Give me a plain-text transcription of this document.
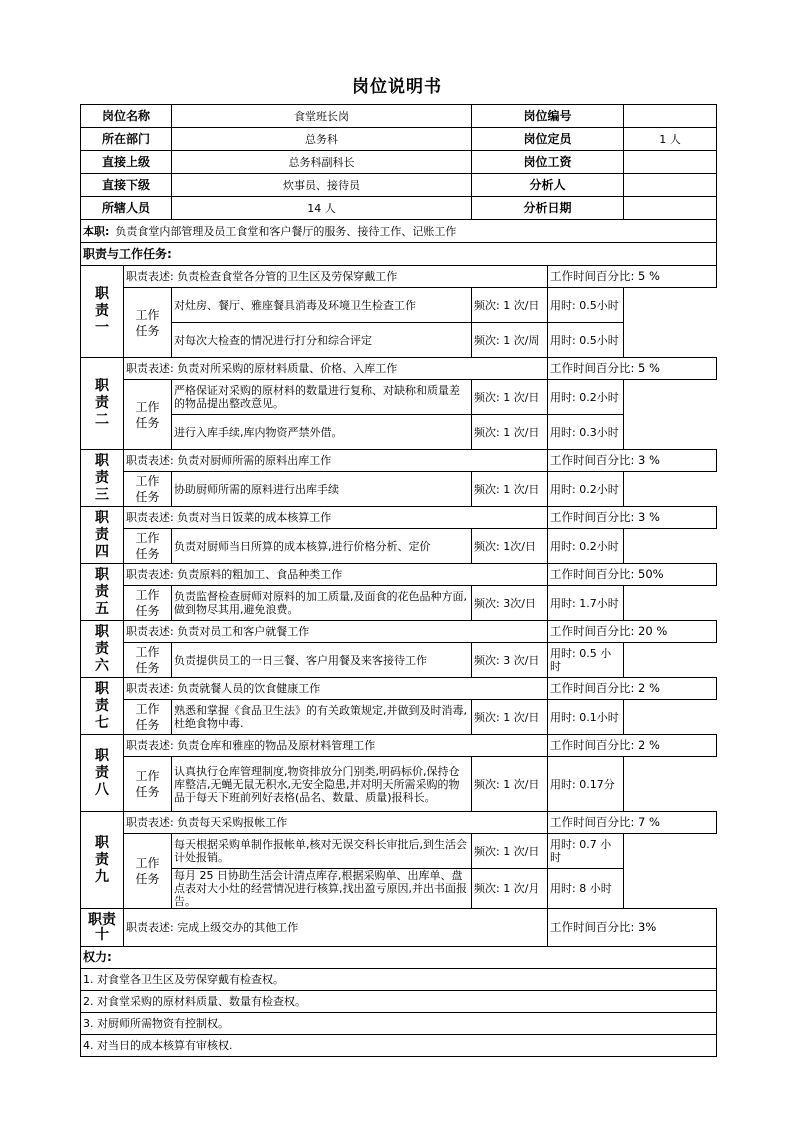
岗位说明书
岗位名称		食堂班长岗	岗位编号		
所在部门		总务科	岗位定员		1 人
直接上级		总务科副科长	岗位工资		
直接下级		炊事员、接待员	分析人		
所辖人员		14 人	分析日期		
本职: 负责食堂内部管理及员工食堂和客户餐厅的服务、接待工作、记账工作					
职责与工作任务:					
职责一	职责表述: 负责检查食堂各分管的卫生区及劳保穿戴工作			工作时间百分比: 5 %	
	工作任务	对灶房、餐厅、雅座餐具消毒及环境卫生检查工作	频次: 1 次/日	用时: 0.5小时	
		对每次大检查的情况进行打分和综合评定	频次: 1 次/周	用时: 0.5小时	
职责二	职责表述: 负责对所采购的原材料质量、价格、入库工作			工作时间百分比: 5 %	
	工作任务	严格保证对采购的原材料的数量进行复称、对缺称和质量差的物品提出整改意见。	频次: 1 次/日	用时: 0.2小时	
		进行入库手续,库内物资严禁外借。	频次: 1 次/日	用时: 0.3小时	
职责三	职责表述: 负责对厨师所需的原料出库工作			工作时间百分比: 3 %	
	工作任务	协助厨师所需的原料进行出库手续	频次: 1 次/日	用时: 0.2小时	
职责四	职责表述: 负责对当日饭菜的成本核算工作			工作时间百分比: 3 %	
	工作任务	负责对厨师当日所算的成本核算,进行价格分析、定价	频次: 1次/日	用时: 0.2小时	
职责五	职责表述: 负责原料的粗加工、食品种类工作			工作时间百分比: 50%	
	工作任务	负责监督检查厨师对原料的加工质量,及面食的花色品种方面,做到物尽其用,避免浪费。	频次: 3次/日	用时: 1.7小时	
职责六	职责表述: 负责对员工和客户就餐工作			工作时间百分比: 20 %	
	工作任务	负责提供员工的一日三餐、客户用餐及来客接待工作	频次: 3 次/日	用时: 0.5 小时	
职责七	职责表述: 负责就餐人员的饮食健康工作			工作时间百分比: 2 %	
	工作任务	熟悉和掌握《食品卫生法》的有关政策规定,并做到及时消毒,杜绝食物中毒.	频次: 1 次/日	用时: 0.1小时	
职责八	职责表述: 负责仓库和雅座的物品及原材料管理工作			工作时间百分比: 2 %	
	工作任务	认真执行仓库管理制度,物资排放分门别类,明码标价,保持仓库整洁,无蝇无鼠无积水,无安全隐患,并对明天所需采购的物品于每天下班前列好表格(品名、数量、质量)报科长。	频次: 1 次/日	用时: 0.17分	
职责九	职责表述: 负责每天采购报帐工作			工作时间百分比: 7 %	
	工作任务	每天根据采购单制作报帐单,核对无误交科长审批后,到生活会计处报销。	频次: 1 次/日	用时: 0.7 小时	
		每月 25 日协助生活会计清点库存,根据采购单、出库单、盘点表对大小灶的经营情况进行核算,找出盈亏原因,并出书面报告。	频次: 1 次/月	用时: 8 小时	
职责十	职责表述: 完成上级交办的其他工作			工作时间百分比: 3%	
权力:					
1. 对食堂各卫生区及劳保穿戴有检查权。					
2. 对食堂采购的原材料质量、数量有检查权。					
3. 对厨师所需物资有控制权。					
4. 对当日的成本核算有审核权.					
